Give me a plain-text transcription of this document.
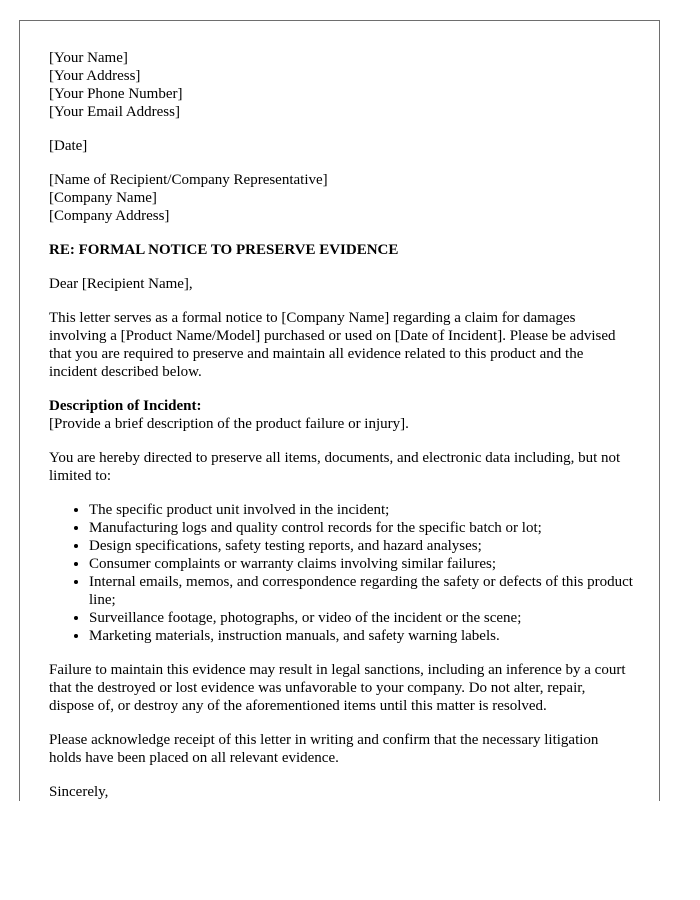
[Your Name]
[Your Address]
[Your Phone Number]
[Your Email Address]
[Date]
[Name of Recipient/Company Representative]
[Company Name]
[Company Address]
RE: FORMAL NOTICE TO PRESERVE EVIDENCE

Dear [Recipient Name],

This letter serves as a formal notice to [Company Name] regarding a claim for damages involving a [Product Name/Model] purchased or used on [Date of Incident]. Please be advised that you are required to preserve and maintain all evidence related to this product and the incident described below.

Description of Incident:
[Provide a brief description of the product failure or injury].

You are hereby directed to preserve all items, documents, and electronic data including, but not limited to:

• The specific product unit involved in the incident;
• Manufacturing logs and quality control records for the specific batch or lot;
• Design specifications, safety testing reports, and hazard analyses;
• Consumer complaints or warranty claims involving similar failures;
• Internal emails, memos, and correspondence regarding the safety or defects of this product line;
• Surveillance footage, photographs, or video of the incident or the scene;
• Marketing materials, instruction manuals, and safety warning labels.

Failure to maintain this evidence may result in legal sanctions, including an inference by a court that the destroyed or lost evidence was unfavorable to your company. Do not alter, repair, dispose of, or destroy any of the aforementioned items until this matter is resolved.

Please acknowledge receipt of this letter in writing and confirm that the necessary litigation holds have been placed on all relevant evidence.

Sincerely,
